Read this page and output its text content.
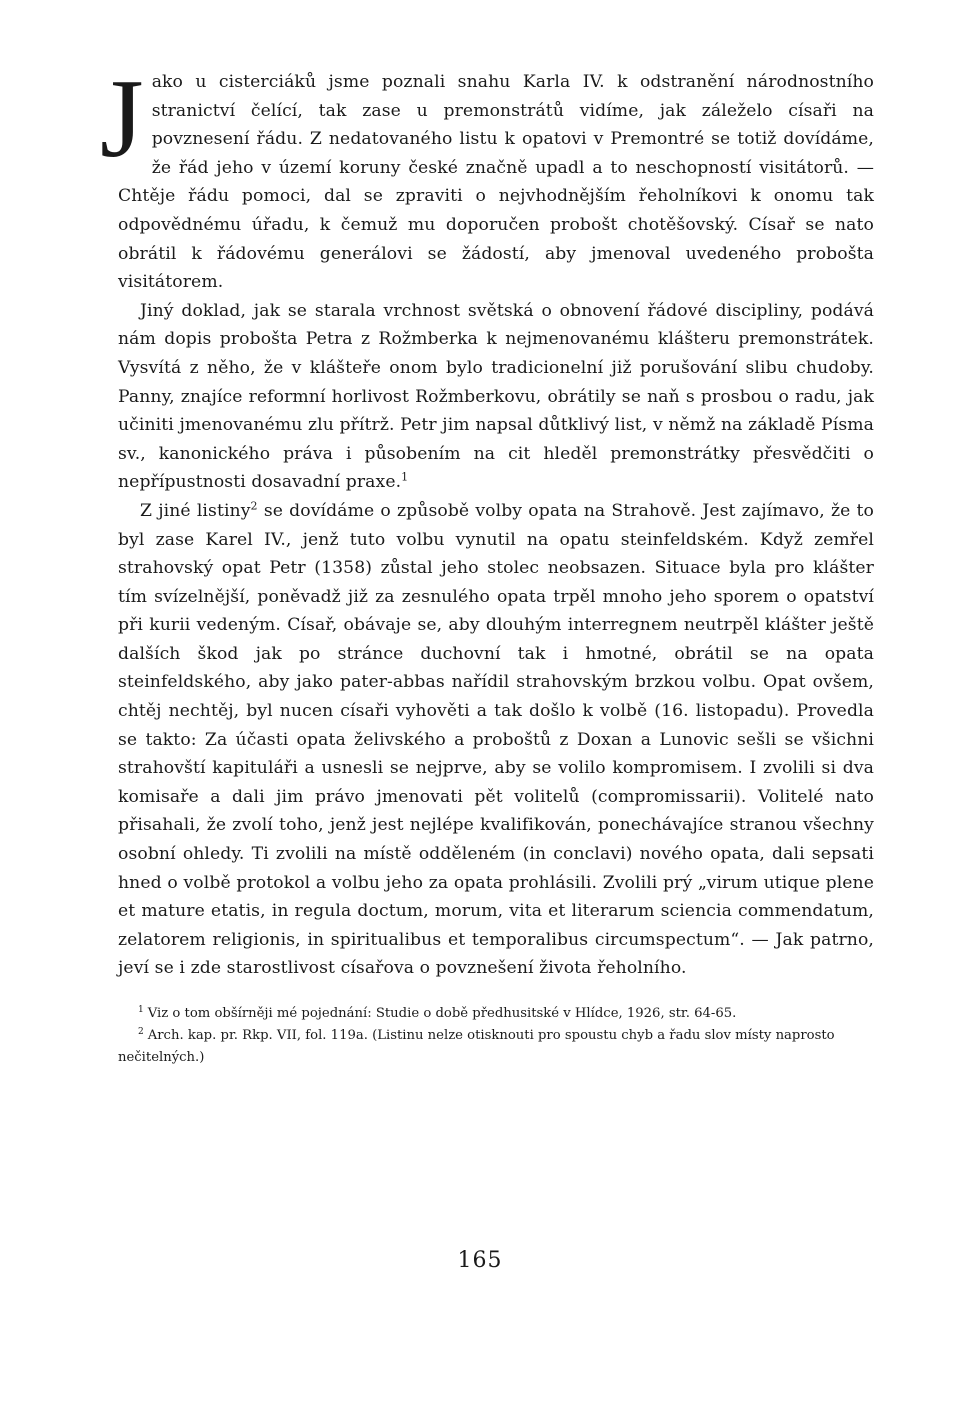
Jako u cisterciáků jsme poznali snahu Karla IV. k odstranění národnostního stranictví čelící, tak zase u premonstrátů vidíme, jak záleželo císaři na povznesení řádu. Z nedatovaného listu k opatovi v Premontré se totiž dovídáme, že řád jeho v území koruny české značně upadl a to neschopností visitátorů. — Chtěje řádu pomoci, dal se zpraviti o nejvhodnějším řeholníkovi k onomu tak odpovědnému úřadu, k čemuž mu doporučen probošt chotěšovský. Císař se nato obrátil k řádovému generálovi se žádostí, aby jmenoval uvedeného probošta visitátorem.

Jiný doklad, jak se starala vrchnost světská o obnovení řádové discipliny, podává nám dopis probošta Petra z Rožmberka k nejmenovanému klášteru premonstrátek. Vysvítá z něho, že v klášteře onom bylo tradicionelní již porušování slibu chudoby. Panny, znajíce reformní horlivost Rožmberkovu, obrátily se naň s prosbou o radu, jak učiniti jmenovanému zlu přítrž. Petr jim napsal důtklivý list, v němž na základě Písma sv., kanonického práva i působením na cit hleděl premonstrátky přesvědčiti o nepřípustnosti dosavadní praxe.$^1$

Z jiné listiny$^2$ se dovídáme o způsobě volby opata na Strahově. Jest zajímavo, že to byl zase Karel IV., jenž tuto volbu vynutil na opatu steinfeldském. Když zemřel strahovský opat Petr (1358) zůstal jeho stolec neobsazen. Situace byla pro klášter tím svízelnější, poněvadž již za zesnulého opata trpěl mnoho jeho sporem o opatství při kurii vedeným. Císař, obávaje se, aby dlouhým interregnem neutrpěl klášter ještě dalších škod jak po stránce duchovní tak i hmotné, obrátil se na opata steinfeldského, aby jako pater-abbas nařídil strahovským brzkou volbu. Opat ovšem, chtěj nechtěj, byl nucen císaři vyhověti a tak došlo k volbě (16. listopadu). Provedla se takto: Za účasti opata želivského a proboštů z Doxan a Lunovic sešli se všichni strahovští kapituláři a usnesli se nejprve, aby se volilo kompromisem. I zvolili si dva komisaře a dali jim právo jmenovati pět volitelů (compromissarii). Volitelé nato přisahali, že zvolí toho, jenž jest nejlépe kvalifikován, ponechávajíce stranou všechny osobní ohledy. Ti zvolili na místě odděleném (in conclavi) nového opata, dali sepsati hned o volbě protokol a volbu jeho za opata prohlásili. Zvolili prý „virum utique plene et mature etatis, in regula doctum, morum, vita et literarum sciencia commendatum, zelatorem religionis, in spiritualibus et temporalibus circumspectum“. — Jak patrno, jeví se i zde starostlivost císařova o povznešení života řeholního.

$^1$ Viz o tom obšírněji mé pojednání: Studie o době předhusitské v Hlídce, 1926, str. 64-65.

$^2$ Arch. kap. pr. Rkp. VII, fol. 119a. (Listinu nelze otisknouti pro spoustu chyb a řadu slov místy naprosto nečitelných.)

165
